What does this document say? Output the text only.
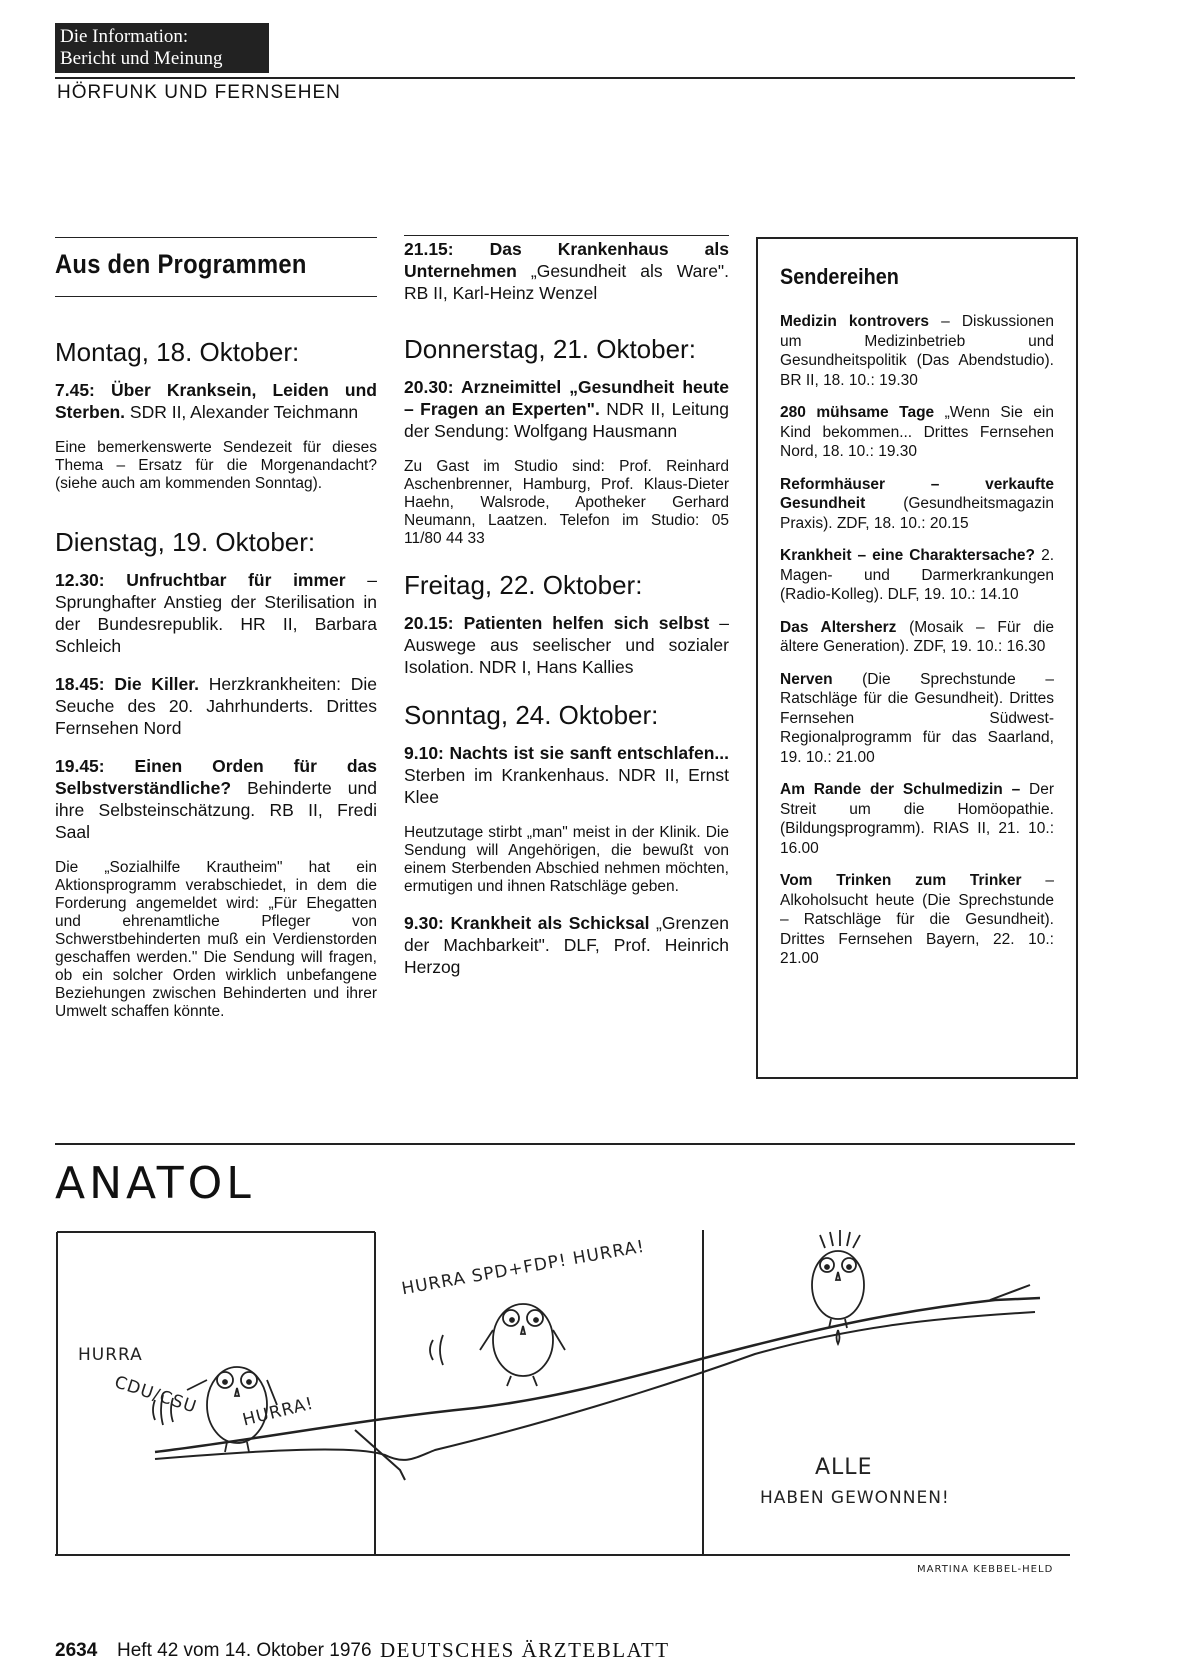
Die Information:
Bericht und Meinung
HÖRFUNK UND FERNSEHEN
Aus den Programmen
Montag, 18. Oktober:

7.45: Über Kranksein, Leiden und Sterben. SDR II, Alexander Teichmann

Eine bemerkenswerte Sendezeit für dieses Thema – Ersatz für die Morgenandacht? (siehe auch am kommenden Sonntag).

Dienstag, 19. Oktober:

12.30: Unfruchtbar für immer – Sprunghafter Anstieg der Sterilisation in der Bundesrepublik. HR II, Barbara Schleich

18.45: Die Killer. Herzkrankheiten: Die Seuche des 20. Jahrhunderts. Drittes Fernsehen Nord

19.45: Einen Orden für das Selbstverständliche? Behinderte und ihre Selbsteinschätzung. RB II, Fredi Saal

Die „Sozialhilfe Krautheim" hat ein Aktionsprogramm verabschiedet, in dem die Forderung angemeldet wird: „Für Ehegatten und ehrenamtliche Pfleger von Schwerstbehinderten muß ein Verdienstorden geschaffen werden." Die Sendung will fragen, ob ein solcher Orden wirklich unbefangene Beziehungen zwischen Behinderten und ihrer Umwelt schaffen könnte.

21.15: Das Krankenhaus als Unternehmen „Gesundheit als Ware". RB II, Karl-Heinz Wenzel

Donnerstag, 21. Oktober:

20.30: Arzneimittel „Gesundheit heute – Fragen an Experten". NDR II, Leitung der Sendung: Wolfgang Hausmann

Zu Gast im Studio sind: Prof. Reinhard Aschenbrenner, Hamburg, Prof. Klaus-Dieter Haehn, Walsrode, Apotheker Gerhard Neumann, Laatzen. Telefon im Studio: 05 11/80 44 33

Freitag, 22. Oktober:

20.15: Patienten helfen sich selbst – Auswege aus seelischer und sozialer Isolation. NDR I, Hans Kallies

Sonntag, 24. Oktober:

9.10: Nachts ist sie sanft entschlafen... Sterben im Krankenhaus. NDR II, Ernst Klee

Heutzutage stirbt „man" meist in der Klinik. Die Sendung will Angehörigen, die bewußt von einem Sterbenden Abschied nehmen möchten, ermutigen und ihnen Ratschläge geben.

9.30: Krankheit als Schicksal „Grenzen der Machbarkeit". DLF, Prof. Heinrich Herzog

Sendereihen

Medizin kontrovers – Diskussionen um Medizinbetrieb und Gesundheitspolitik (Das Abendstudio). BR II, 18. 10.: 19.30

280 mühsame Tage „Wenn Sie ein Kind bekommen... Drittes Fernsehen Nord, 18. 10.: 19.30

Reformhäuser – verkaufte Gesundheit (Gesundheitsmagazin Praxis). ZDF, 18. 10.: 20.15

Krankheit – eine Charaktersache? 2. Magen- und Darmerkrankungen (Radio-Kolleg). DLF, 19. 10.: 14.10

Das Altersherz (Mosaik – Für die ältere Generation). ZDF, 19. 10.: 16.30

Nerven (Die Sprechstunde – Ratschläge für die Gesundheit). Drittes Fernsehen Südwest-Regionalprogramm für das Saarland, 19. 10.: 21.00

Am Rande der Schulmedizin – Der Streit um die Homöopathie. (Bildungsprogramm). RIAS II, 21. 10.: 16.00

Vom Trinken zum Trinker – Alkoholsucht heute (Die Sprechstunde – Ratschläge für die Gesundheit). Drittes Fernsehen Bayern, 22. 10.: 21.00

ANATOL
HURRA
CDU/CSU HURRA!
HURRA SPD+FDP! HURRA!
ALLE
HABEN GEWONNEN!
MARTINA KEBBEL-HELD
2634 Heft 42 vom 14. Oktober 1976 DEUTSCHES ÄRZTEBLATT
